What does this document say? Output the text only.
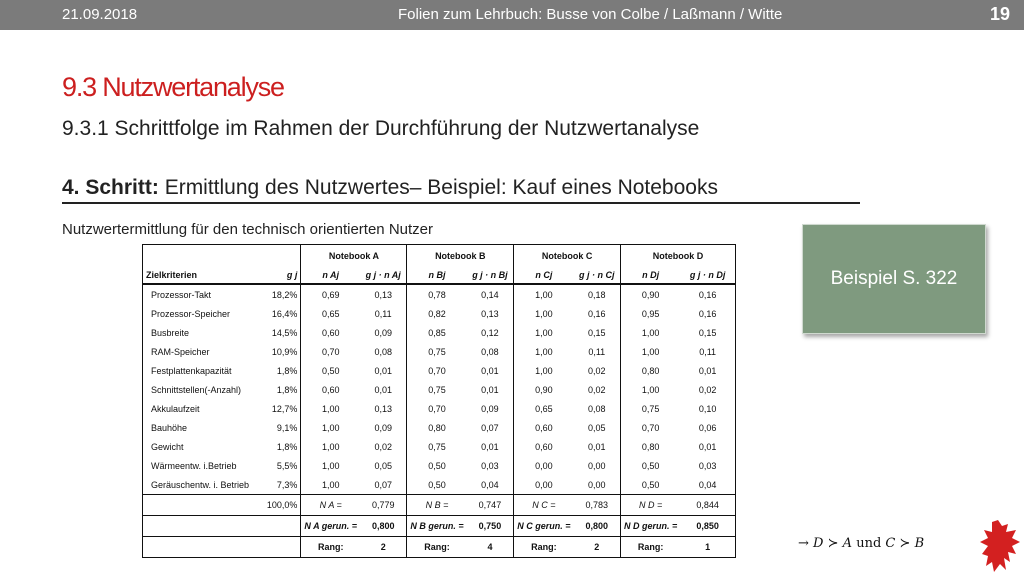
21.09.2018	Folien zum Lehrbuch: Busse von Colbe / Laßmann / Witte	19
9.3 Nutzwertanalyse
9.3.1 Schrittfolge im Rahmen der Durchführung der Nutzwertanalyse
4. Schritt: Ermittlung des Nutzwertes– Beispiel: Kauf eines Notebooks
Nutzwertermittlung für den technisch orientierten Nutzer
Beispiel S. 322
		Notebook A		Notebook B		Notebook C		Notebook D	
Zielkriterien	g j	n Aj	g j · n Aj	n Bj	g j · n Bj	n Cj	g j · n Cj	n Dj	g j · n Dj
Prozessor-Takt	18,2%	0,69	0,13	0,78	0,14	1,00	0,18	0,90	0,16
Prozessor-Speicher	16,4%	0,65	0,11	0,82	0,13	1,00	0,16	0,95	0,16
Busbreite	14,5%	0,60	0,09	0,85	0,12	1,00	0,15	1,00	0,15
RAM-Speicher	10,9%	0,70	0,08	0,75	0,08	1,00	0,11	1,00	0,11
Festplattenkapazität	1,8%	0,50	0,01	0,70	0,01	1,00	0,02	0,80	0,01
Schnittstellen(-Anzahl)	1,8%	0,60	0,01	0,75	0,01	0,90	0,02	1,00	0,02
Akkulaufzeit	12,7%	1,00	0,13	0,70	0,09	0,65	0,08	0,75	0,10
Bauhöhe	9,1%	1,00	0,09	0,80	0,07	0,60	0,05	0,70	0,06
Gewicht	1,8%	1,00	0,02	0,75	0,01	0,60	0,01	0,80	0,01
Wärmeentw. i.Betrieb	5,5%	1,00	0,05	0,50	0,03	0,00	0,00	0,50	0,03
Geräuschentw. i. Betrieb	7,3%	1,00	0,07	0,50	0,04	0,00	0,00	0,50	0,04
	100,0%	N A =	0,779	N B =	0,747	N C =	0,783	N D =	0,844
		N A gerun. =	0,800	N B gerun. =	0,750	N C gerun. =	0,800	N D gerun. =	0,850
		Rang:	2	Rang:	4	Rang:	2	Rang:	1	→ D ≻ A und C ≻ B
